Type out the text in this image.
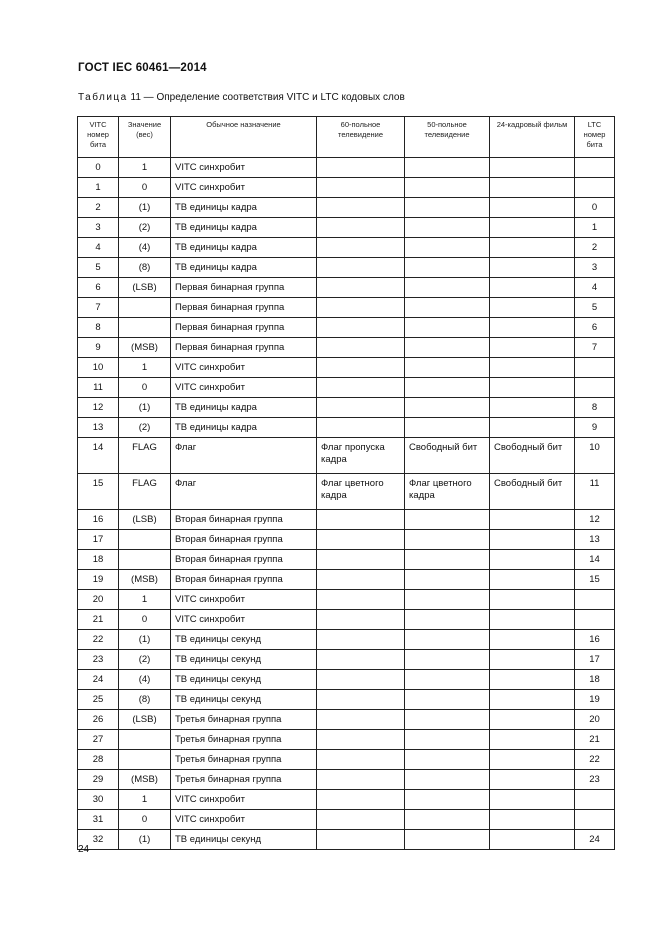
ГОСТ IEC 60461—2014
Таблица 11 — Определение соответствия VITC и LTC кодовых слов
VITC номер бита	Значение (вес)	Обычное назначение	60-польное телевидение	50-польное телевидение	24-кадровый фильм	LTC номер бита
0	1	VITC синхробит				
1	0	VITC синхробит				
2	(1)	ТВ единицы кадра				0
3	(2)	ТВ единицы кадра				1
4	(4)	ТВ единицы кадра				2
5	(8)	ТВ единицы кадра				3
6	(LSB)	Первая бинарная группа				4
7		Первая бинарная группа				5
8		Первая бинарная группа				6
9	(MSB)	Первая бинарная группа				7
10	1	VITC синхробит				
11	0	VITC синхробит				
12	(1)	ТВ единицы кадра				8
13	(2)	ТВ единицы кадра				9
14	FLAG	Флаг	Флаг пропуска кадра	Свободный бит	Свободный бит	10
15	FLAG	Флаг	Флаг цветного кадра	Флаг цветного кадра	Свободный бит	11
16	(LSB)	Вторая бинарная группа				12
17		Вторая бинарная группа				13
18		Вторая бинарная группа				14
19	(MSB)	Вторая бинарная группа				15
20	1	VITC синхробит				
21	0	VITC синхробит				
22	(1)	ТВ единицы секунд				16
23	(2)	ТВ единицы секунд				17
24	(4)	ТВ единицы секунд				18
25	(8)	ТВ единицы секунд				19
26	(LSB)	Третья бинарная группа				20
27		Третья бинарная группа				21
28		Третья бинарная группа				22
29	(MSB)	Третья бинарная группа				23
30	1	VITC синхробит				
31	0	VITC синхробит				
32	(1)	ТВ единицы секунд				24
24
